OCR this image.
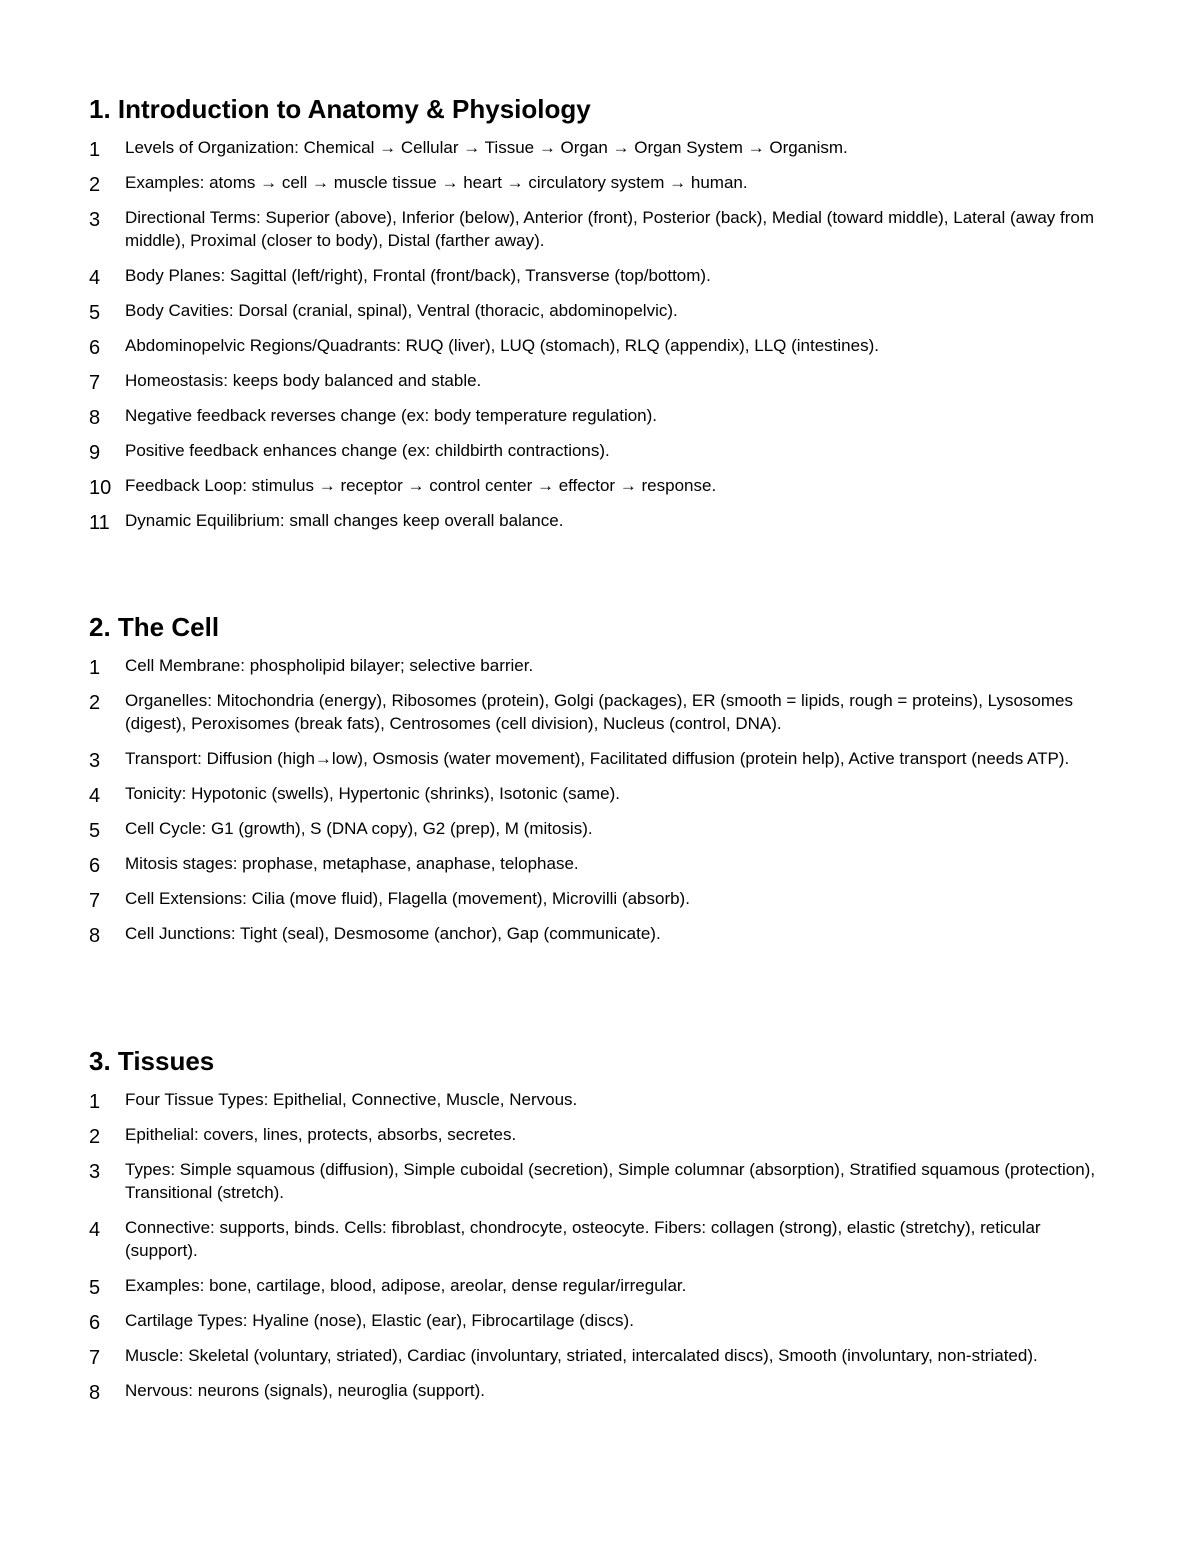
1. Introduction to Anatomy & Physiology
1 Levels of Organization: Chemical → Cellular → Tissue → Organ → Organ System → Organism.
2 Examples: atoms → cell → muscle tissue → heart → circulatory system → human.
3 Directional Terms: Superior (above), Inferior (below), Anterior (front), Posterior (back), Medial (toward middle), Lateral (away from middle), Proximal (closer to body), Distal (farther away).
4 Body Planes: Sagittal (left/right), Frontal (front/back), Transverse (top/bottom).
5 Body Cavities: Dorsal (cranial, spinal), Ventral (thoracic, abdominopelvic).
6 Abdominopelvic Regions/Quadrants: RUQ (liver), LUQ (stomach), RLQ (appendix), LLQ (intestines).
7 Homeostasis: keeps body balanced and stable.
8 Negative feedback reverses change (ex: body temperature regulation).
9 Positive feedback enhances change (ex: childbirth contractions).
10 Feedback Loop: stimulus → receptor → control center → effector → response.
11 Dynamic Equilibrium: small changes keep overall balance.
2. The Cell
1 Cell Membrane: phospholipid bilayer; selective barrier.
2 Organelles: Mitochondria (energy), Ribosomes (protein), Golgi (packages), ER (smooth = lipids, rough = proteins), Lysosomes (digest), Peroxisomes (break fats), Centrosomes (cell division), Nucleus (control, DNA).
3 Transport: Diffusion (high→low), Osmosis (water movement), Facilitated diffusion (protein help), Active transport (needs ATP).
4 Tonicity: Hypotonic (swells), Hypertonic (shrinks), Isotonic (same).
5 Cell Cycle: G1 (growth), S (DNA copy), G2 (prep), M (mitosis).
6 Mitosis stages: prophase, metaphase, anaphase, telophase.
7 Cell Extensions: Cilia (move fluid), Flagella (movement), Microvilli (absorb).
8 Cell Junctions: Tight (seal), Desmosome (anchor), Gap (communicate).
3. Tissues
1 Four Tissue Types: Epithelial, Connective, Muscle, Nervous.
2 Epithelial: covers, lines, protects, absorbs, secretes.
3 Types: Simple squamous (diffusion), Simple cuboidal (secretion), Simple columnar (absorption), Stratified squamous (protection), Transitional (stretch).
4 Connective: supports, binds. Cells: fibroblast, chondrocyte, osteocyte. Fibers: collagen (strong), elastic (stretchy), reticular (support).
5 Examples: bone, cartilage, blood, adipose, areolar, dense regular/irregular.
6 Cartilage Types: Hyaline (nose), Elastic (ear), Fibrocartilage (discs).
7 Muscle: Skeletal (voluntary, striated), Cardiac (involuntary, striated, intercalated discs), Smooth (involuntary, non-striated).
8 Nervous: neurons (signals), neuroglia (support).
